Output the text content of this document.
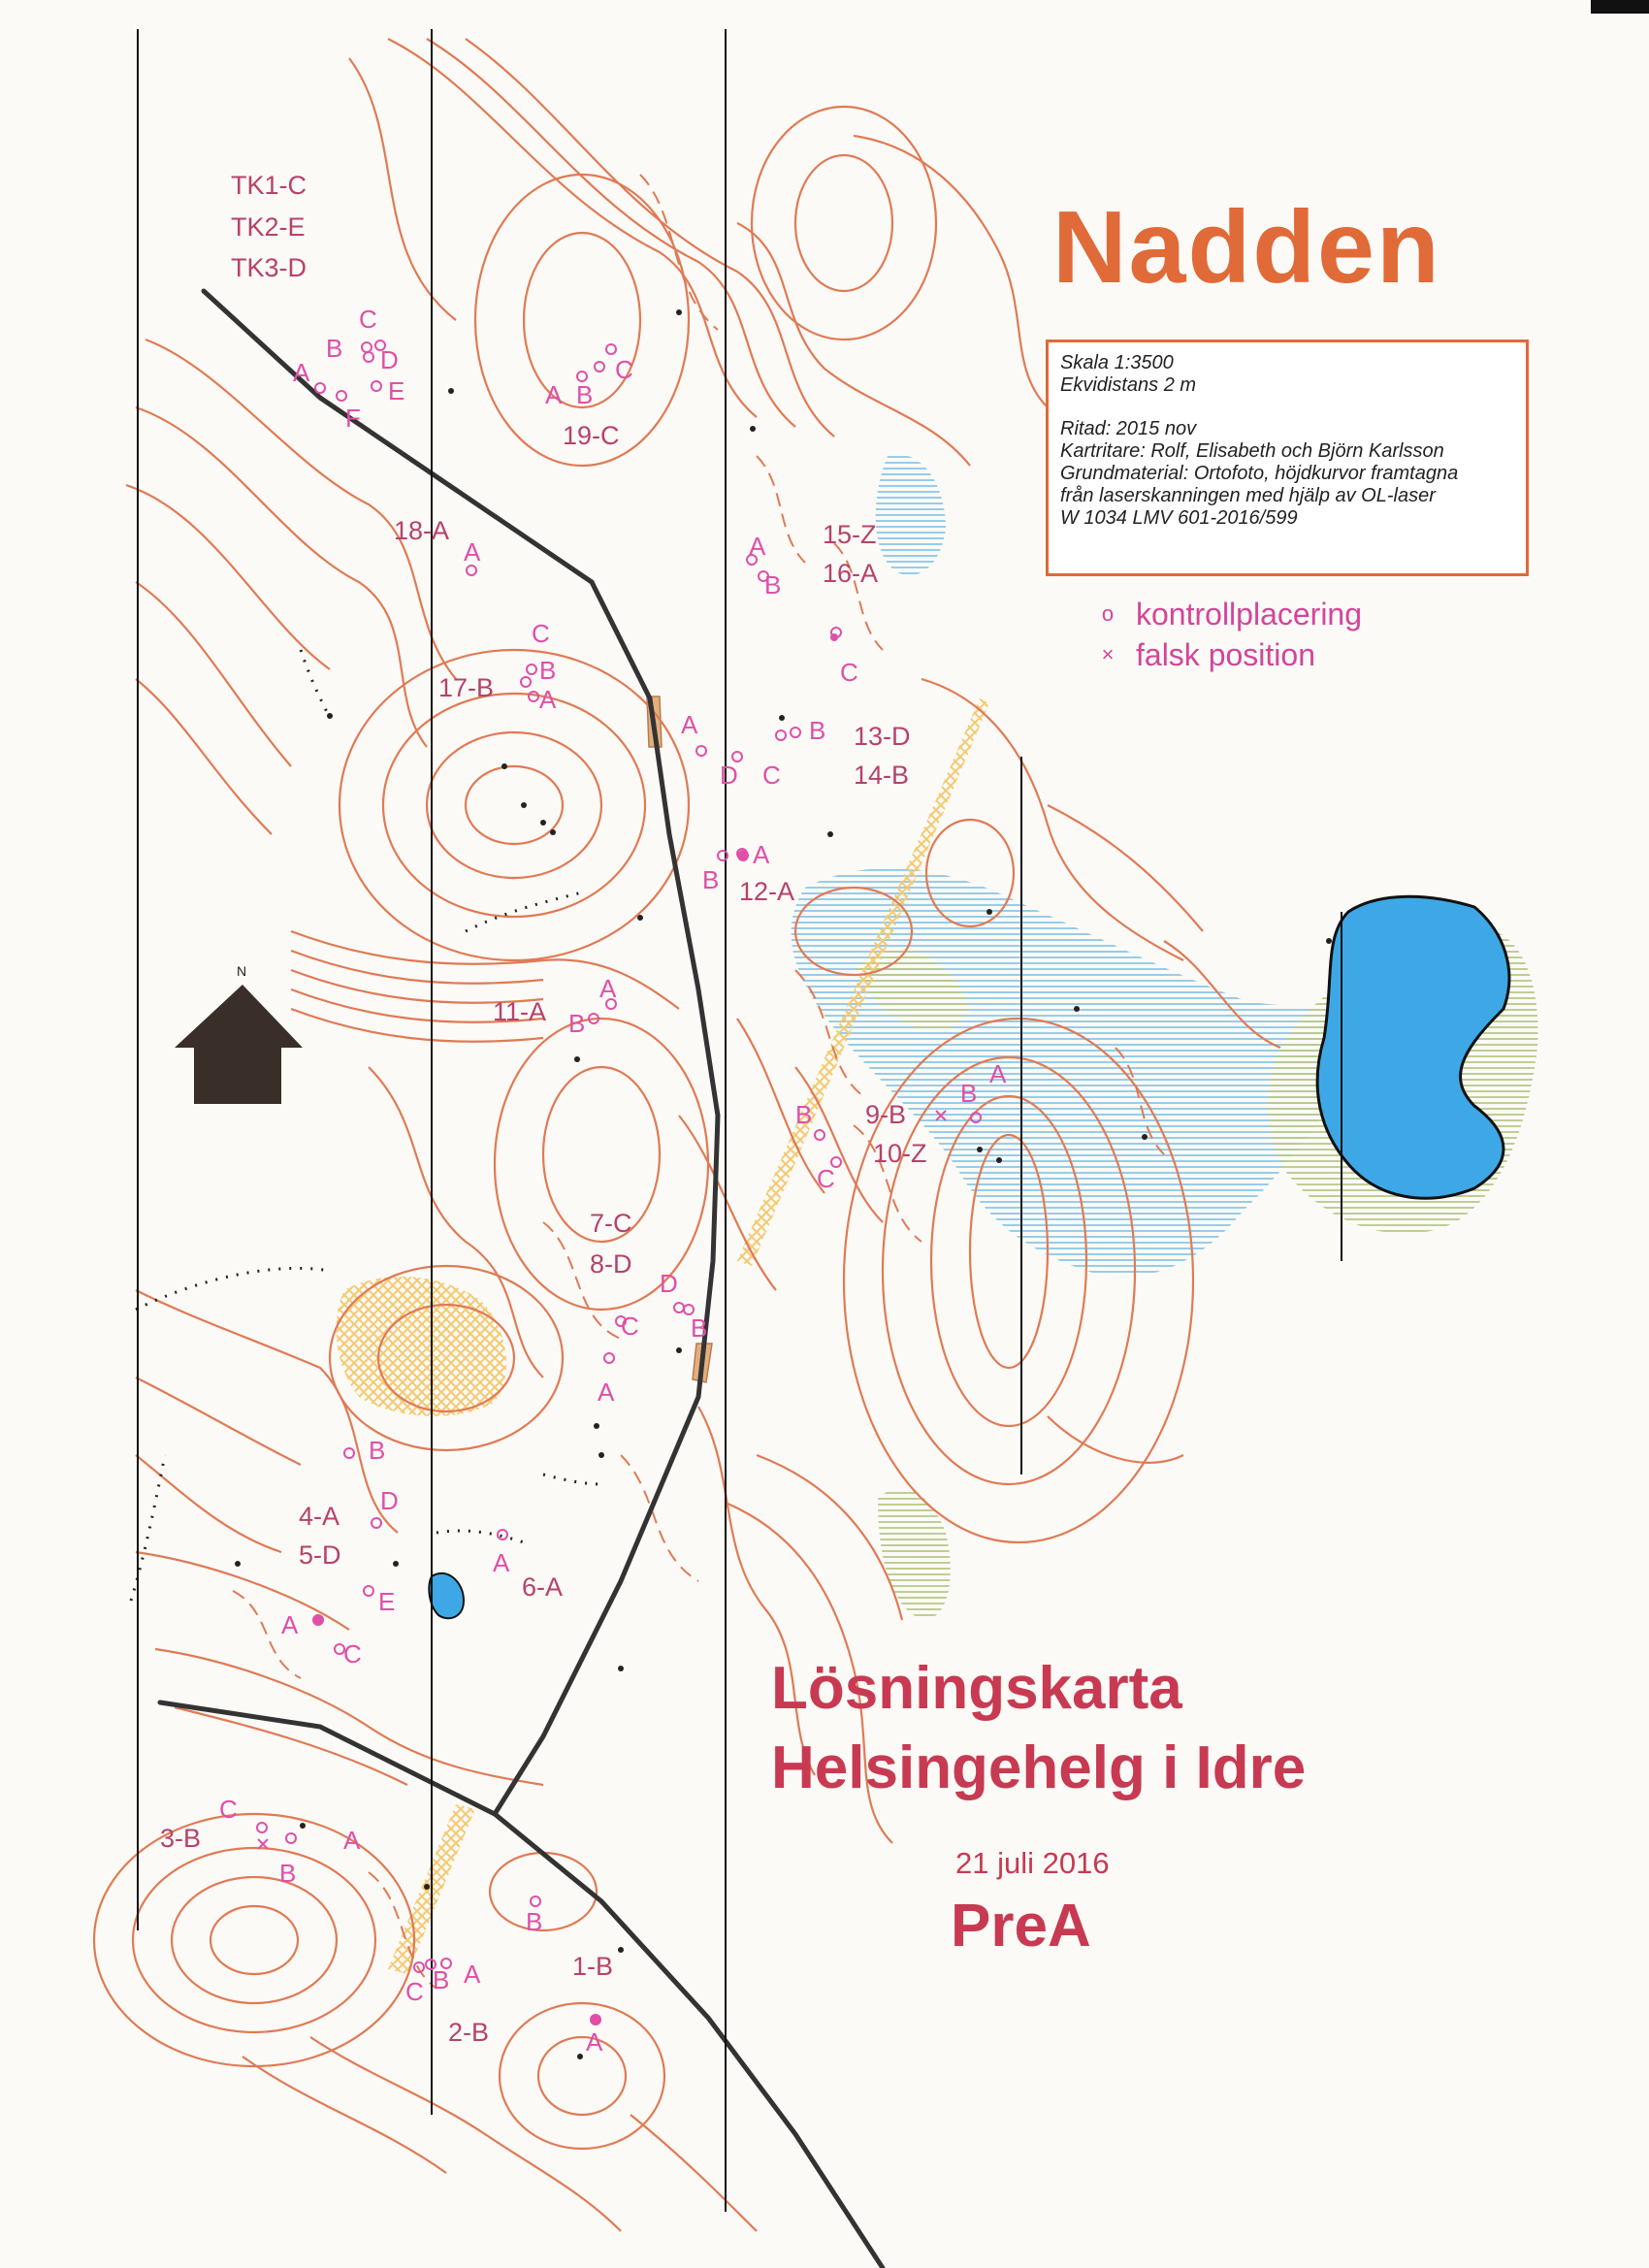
N
TK1-C
TK2-E
TK3-D
19-C
18-A
17-B
15-Z
16-A
13-D
14-B
12-A
11-A
9-B
10-Z
7-C
8-D
6-A
4-A
5-D
3-B
1-B
2-B
C
B D
A
E
F
B
A
C
A
C
B
A
A
B
C
A	B
D C
B
A
B
A
B
B
A
C
D
B
C
A
B
D
A
A
E
C
C
A
B
B
C B A
A
Nadden

Skala 1:3500

Ekvidistans 2 m

Ritad: 2015 nov

Kartritare: Rolf, Elisabeth och Björn Karlsson

Grundmaterial: Ortofoto, höjdkurvor framtagna

från laserskanningen med hjälp av OL-laser

W 1034 LMV 601-2016/599

o kontrollplacering
× falsk position
Lösningskarta
Helsingehelg i Idre
21 juli 2016
PreA
